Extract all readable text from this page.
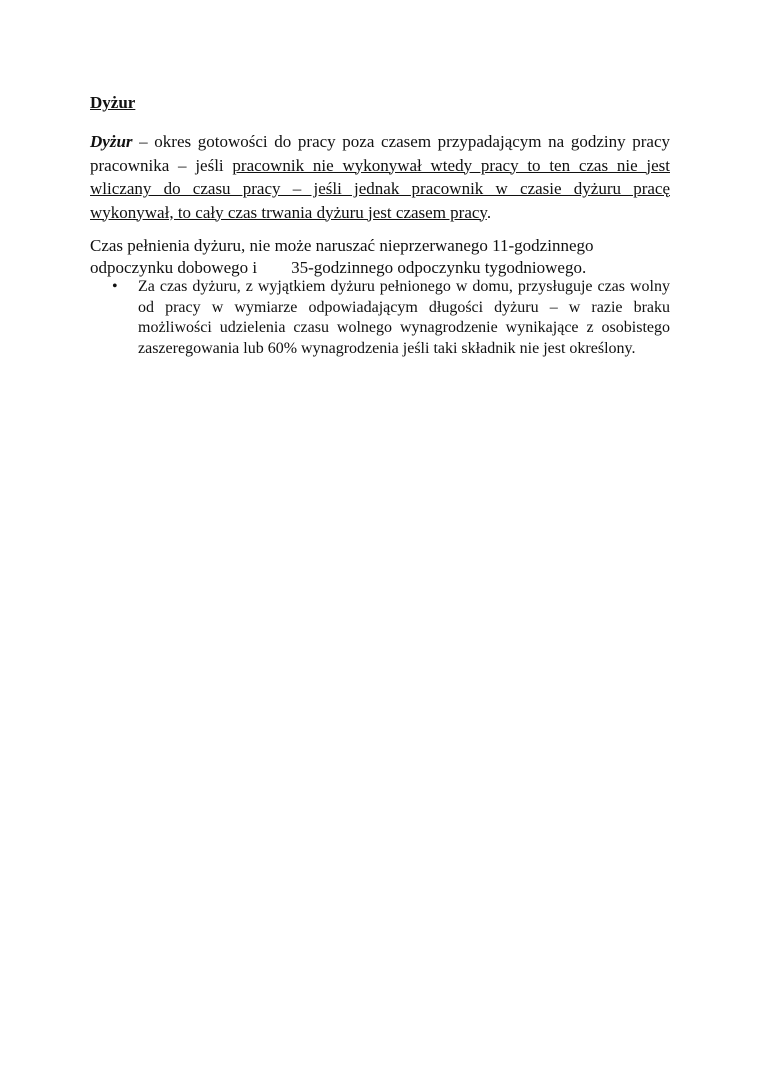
Dyżur

Dyżur – okres gotowości do pracy poza czasem przypadającym na godziny pracy pracownika – jeśli pracownik nie wykonywał wtedy pracy to ten czas nie jest wliczany do czasu pracy – jeśli jednak pracownik w czasie dyżuru pracę wykonywał, to cały czas trwania dyżuru jest czasem pracy.

Czas pełnienia dyżuru, nie może naruszać nieprzerwanego 11-godzinnego
odpoczynku dobowego i 35-godzinnego odpoczynku tygodniowego.

• Za czas dyżuru, z wyjątkiem dyżuru pełnionego w domu, przysługuje czas wolny od pracy w wymiarze odpowiadającym długości dyżuru – w razie braku możliwości udzielenia czasu wolnego wynagrodzenie wynikające z osobistego zaszeregowania lub 60% wynagrodzenia jeśli taki składnik nie jest określony.
